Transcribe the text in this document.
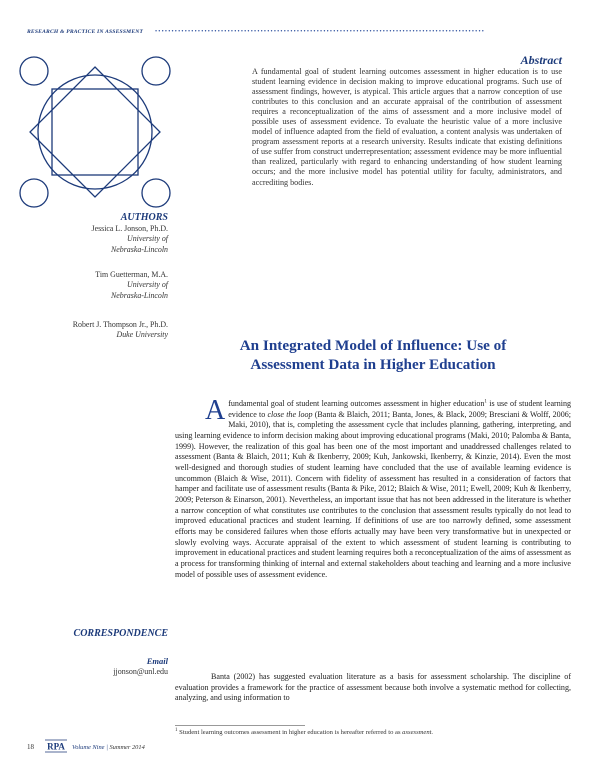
RESEARCH & PRACTICE IN ASSESSMENT ••••••••••••••••••••••••••••••••••••••••••••••••••••••••••••••••••••••••••••••••••••••••••••••••••••
Abstract
A fundamental goal of student learning outcomes assessment in higher education is to use student learning evidence in decision making to improve educational programs. Such use of assessment findings, however, is atypical. This article argues that a narrow conception of use contributes to this conclusion and an accurate appraisal of the contribution of assessment requires a reconceptualization of the aims of assessment and a more inclusive model of possible uses of assessment evidence. To evaluate the heuristic value of a more inclusive model of influence adapted from the field of evaluation, a content analysis was undertaken of program assessment reports at a research university. Results indicate that existing definitions of use suffer from construct underrepresentation; assessment evidence may be more influential than realized, particularly with regard to enhancing understanding of how student learning occurs; and the more inclusive model has potential utility for faculty, administrators, and accrediting bodies.
AUTHORS
Jessica L. Jonson, Ph.D.
University of
Nebraska-Lincoln
Tim Guetterman, M.A.
University of
Nebraska-Lincoln
Robert J. Thompson Jr., Ph.D.
Duke University
An Integrated Model of Influence: Use of
Assessment Data in Higher Education
A fundamental goal of student learning outcomes assessment in higher education$^1$ is use of student learning evidence to close the loop (Banta & Blaich, 2011; Banta, Jones, & Black, 2009; Bresciani & Wolff, 2006; Maki, 2010), that is, completing the assessment cycle that includes planning, gathering, interpreting, and using learning evidence to inform decision making about improving educational programs (Maki, 2010; Palomba & Banta, 1999). However, the realization of this goal has been one of the most important and unaddressed challenges related to assessment (Banta & Blaich, 2011; Kuh & Ikenberry, 2009; Kuh, Jankowski, Ikenberry, & Kinzie, 2014). Even the most well-designed and thorough studies of student learning have concluded that the use of available learning evidence is uncommon (Blaich & Wise, 2011). Concern with fidelity of assessment has resulted in a consideration of factors that hamper and facilitate use of assessment results (Banta & Pike, 2012; Blaich & Wise, 2011; Ewell, 2009; Kuh & Ikenberry, 2009; Peterson & Einarson, 2001). Nevertheless, an important issue that has not been addressed in the literature is whether a narrow conception of what constitutes use contributes to the conclusion that assessment results typically do not lead to improved educational practices and student learning. If definitions of use are too narrowly defined, some assessment efforts may be considered failures when those efforts actually may have been very transformative but in unexpected or slowly evolving ways. Accurate appraisal of the extent to which assessment of student learning is contributing to improvement in educational practices and student learning requires both a reconceptualization of the aims of assessment as a process for transforming thinking of internal and external stakeholders about teaching and learning and a more inclusive model of possible uses of assessment evidence.
Banta (2002) has suggested evaluation literature as a basis for assessment scholarship. The discipline of evaluation provides a framework for the practice of assessment because both involve a systematic method for collecting, analyzing, and using information to
CORRESPONDENCE
Email
jjonson@unl.edu
$^1$ Student learning outcomes assessment in higher education is hereafter referred to as assessment.
18 RPA Volume Nine | Summer 2014
